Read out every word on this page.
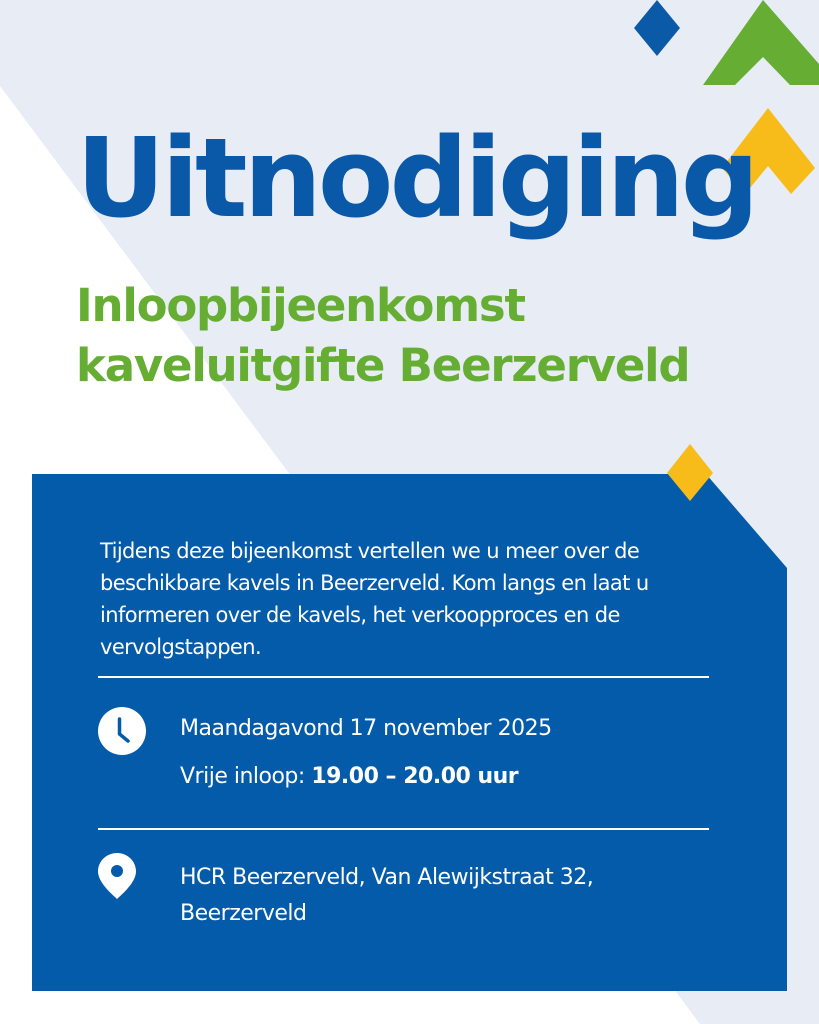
Uitnodiging
Inloopbijeenkomst
kaveluitgifte Beerzerveld

Tijdens deze bijeenkomst vertellen we u meer over de beschikbare kavels in Beerzerveld. Kom langs en laat u informeren over de kavels, het verkoopproces en de vervolgstappen.

Maandagavond 17 november 2025
Vrije inloop: 19.00 – 20.00 uur
HCR Beerzerveld, Van Alewijkstraat 32,
Beerzerveld
